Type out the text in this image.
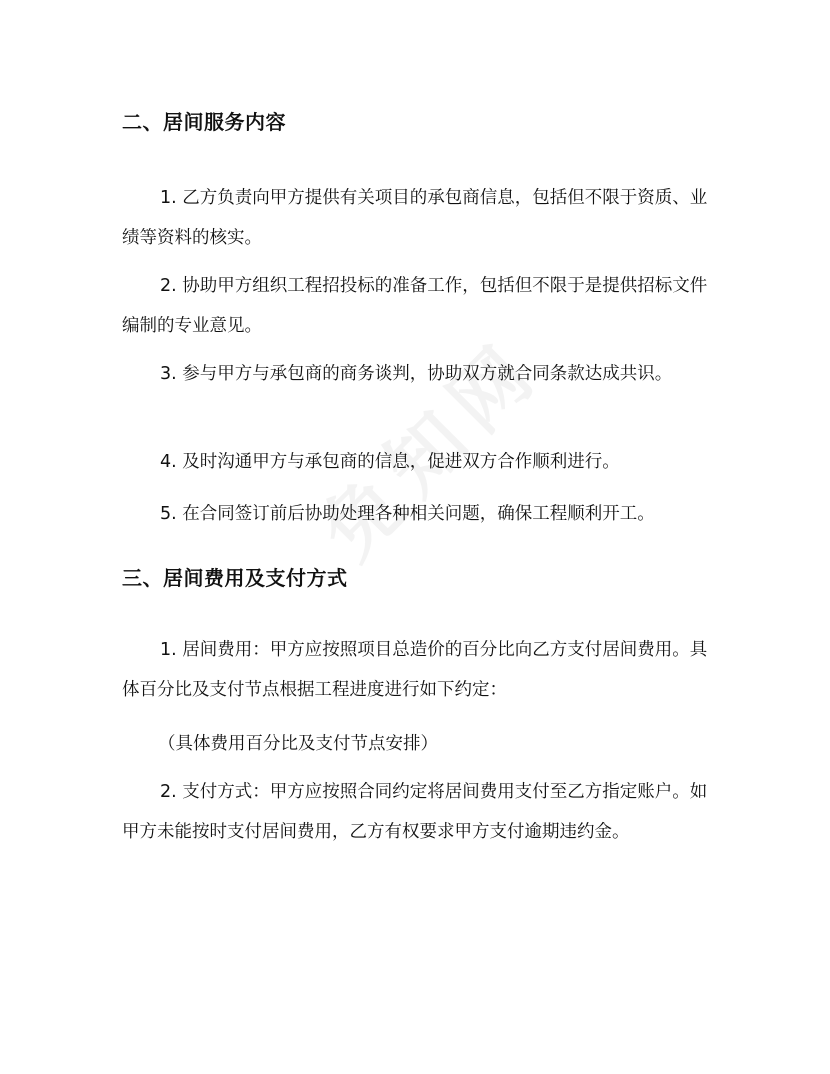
二、居间服务内容

1. 乙方负责向甲方提供有关项目的承包商信息，包括但不限于资质、业绩等资料的核实。

2. 协助甲方组织工程招投标的准备工作，包括但不限于是提供招标文件编制的专业意见。

3. 参与甲方与承包商的商务谈判，协助双方就合同条款达成共识。

4. 及时沟通甲方与承包商的信息，促进双方合作顺利进行。

5. 在合同签订前后协助处理各种相关问题，确保工程顺利开工。

三、居间费用及支付方式

1. 居间费用：甲方应按照项目总造价的百分比向乙方支付居间费用。具体百分比及支付节点根据工程进度进行如下约定：

（具体费用百分比及支付节点安排）

2. 支付方式：甲方应按照合同约定将居间费用支付至乙方指定账户。如甲方未能按时支付居间费用，乙方有权要求甲方支付逾期违约金。
